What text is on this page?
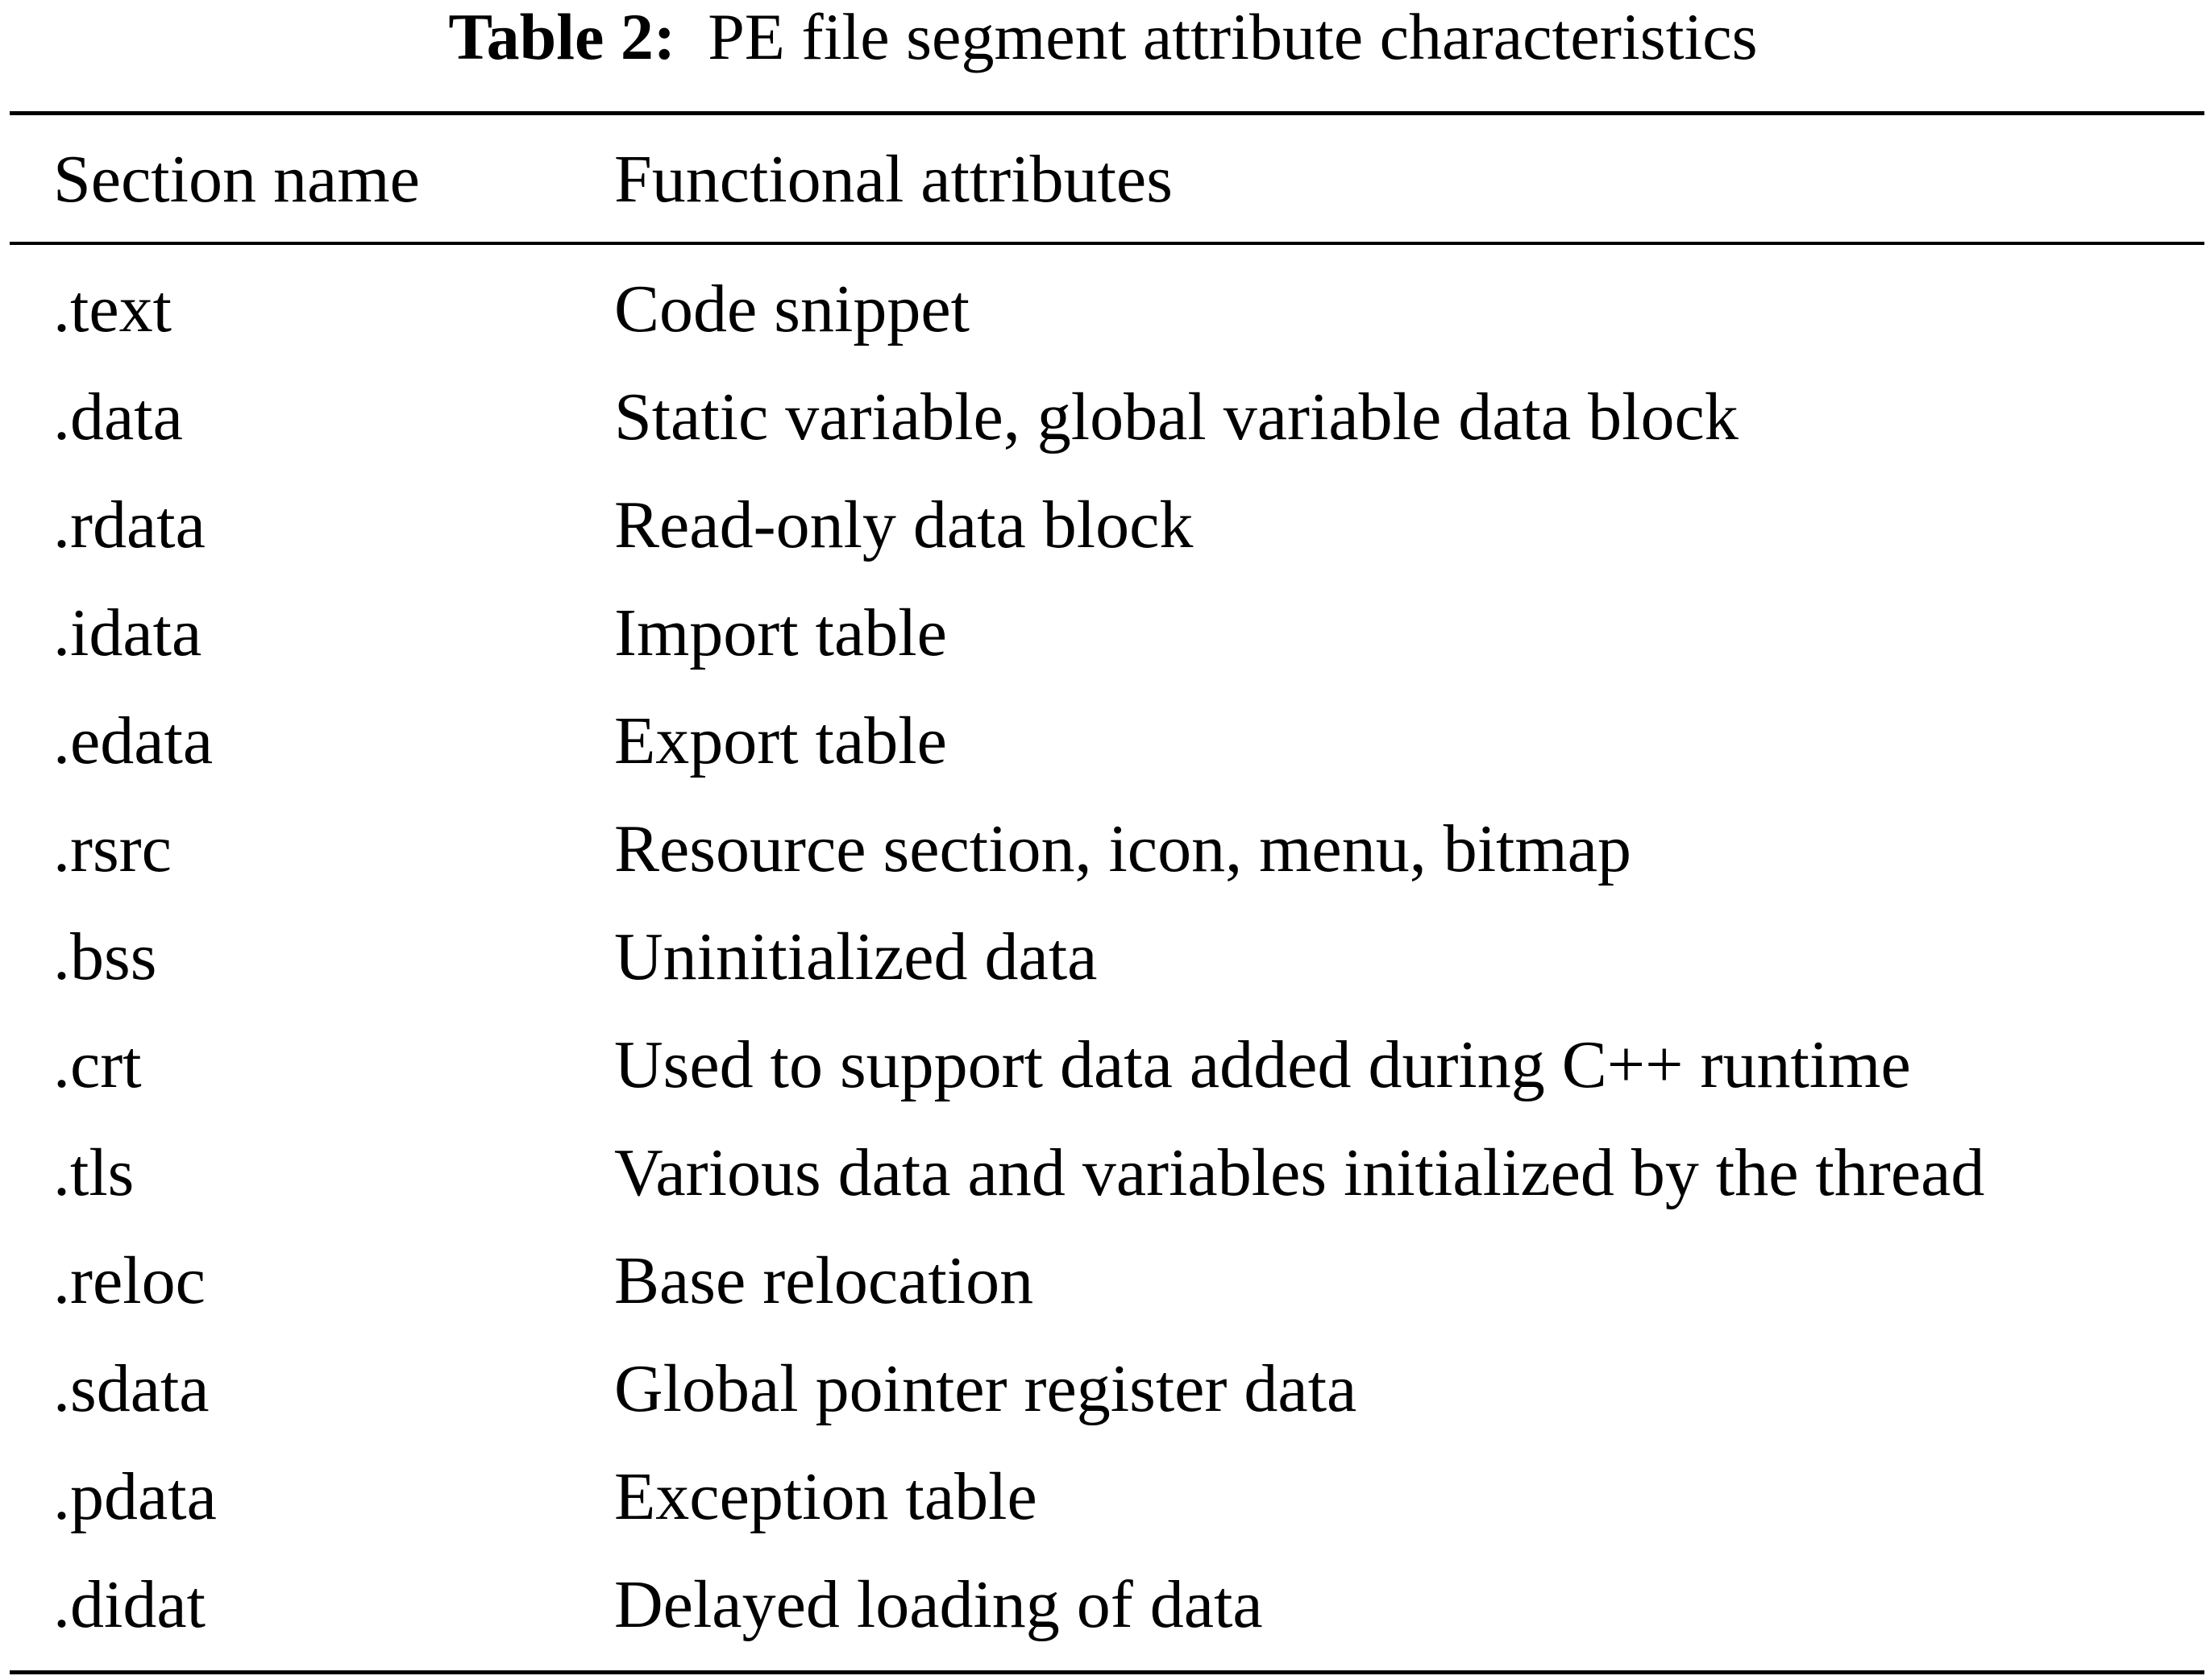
Table 2: PE file segment attribute characteristics
Section name	Functional attributes
.text	Code snippet
.data	Static variable, global variable data block
.rdata	Read-only data block
.idata	Import table
.edata	Export table
.rsrc	Resource section, icon, menu, bitmap
.bss	Uninitialized data
.crt	Used to support data added during C++ runtime
.tls	Various data and variables initialized by the thread
.reloc	Base relocation
.sdata	Global pointer register data
.pdata	Exception table
.didat	Delayed loading of data
